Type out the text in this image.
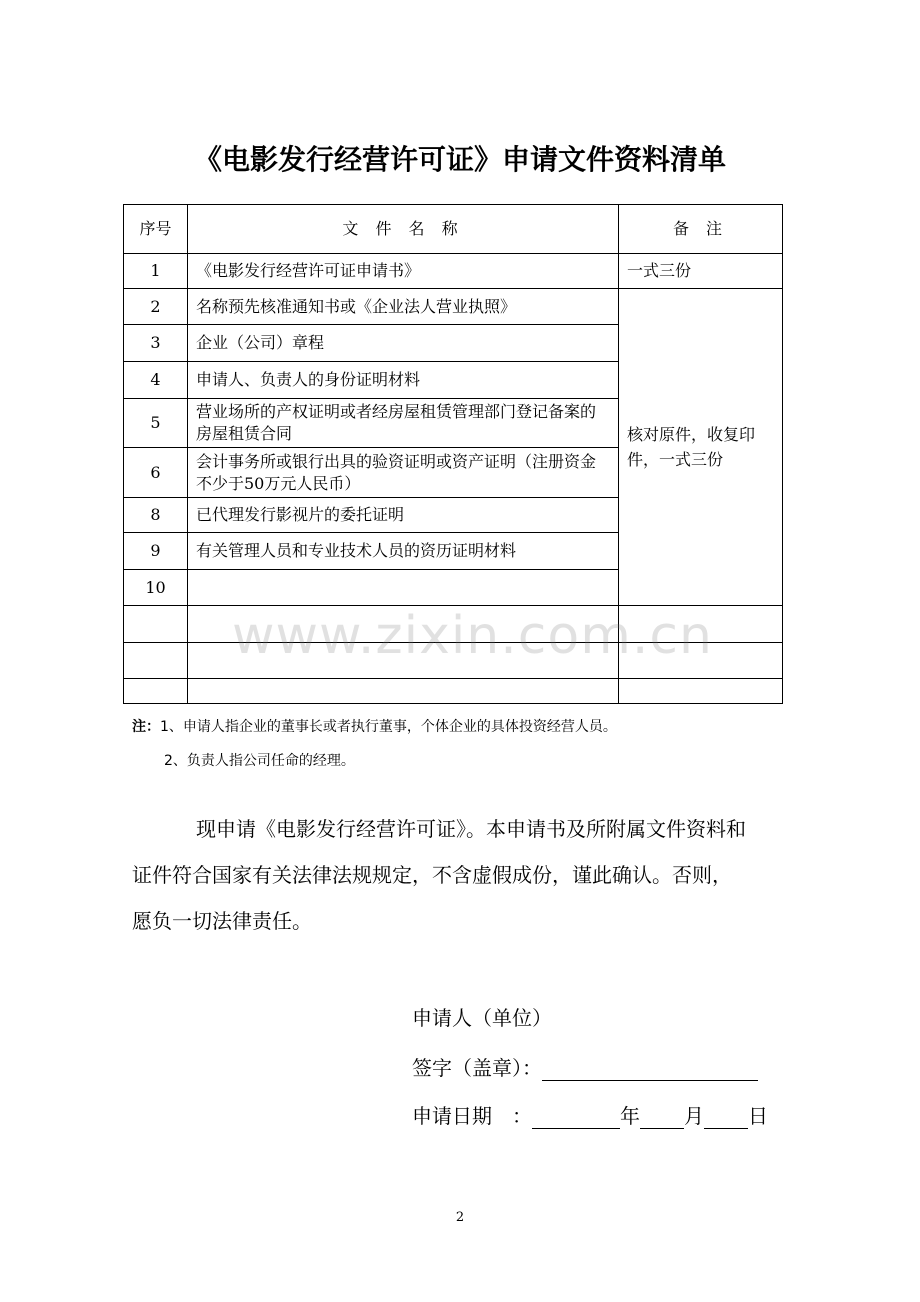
《电影发行经营许可证》申请文件资料清单
序号	文 件 名 称	备 注
1	《电影发行经营许可证申请书》	一式三份
2	名称预先核准通知书或《企业法人营业执照》	核对原件，收复印件，一式三份
3	企业（公司）章程	
4	申请人、负责人的身份证明材料	
5	营业场所的产权证明或者经房屋租赁管理部门登记备案的房屋租赁合同	
6	会计事务所或银行出具的验资证明或资产证明（注册资金不少于50万元人民币）	
8	已代理发行影视片的委托证明	
9	有关管理人员和专业技术人员的资历证明材料	
10		

www.zixin.com.cn
注：1、申请人指企业的董事长或者执行董事，个体企业的具体投资经营人员。
2、负责人指公司任命的经理。

现申请《电影发行经营许可证》。本申请书及所附属文件资料和

证件符合国家有关法律法规规定，不含虚假成份，谨此确认。否则，

愿负一切法律责任。

申请人（单位）
签字（盖章）：
申请日期　：	年 月 日
2
